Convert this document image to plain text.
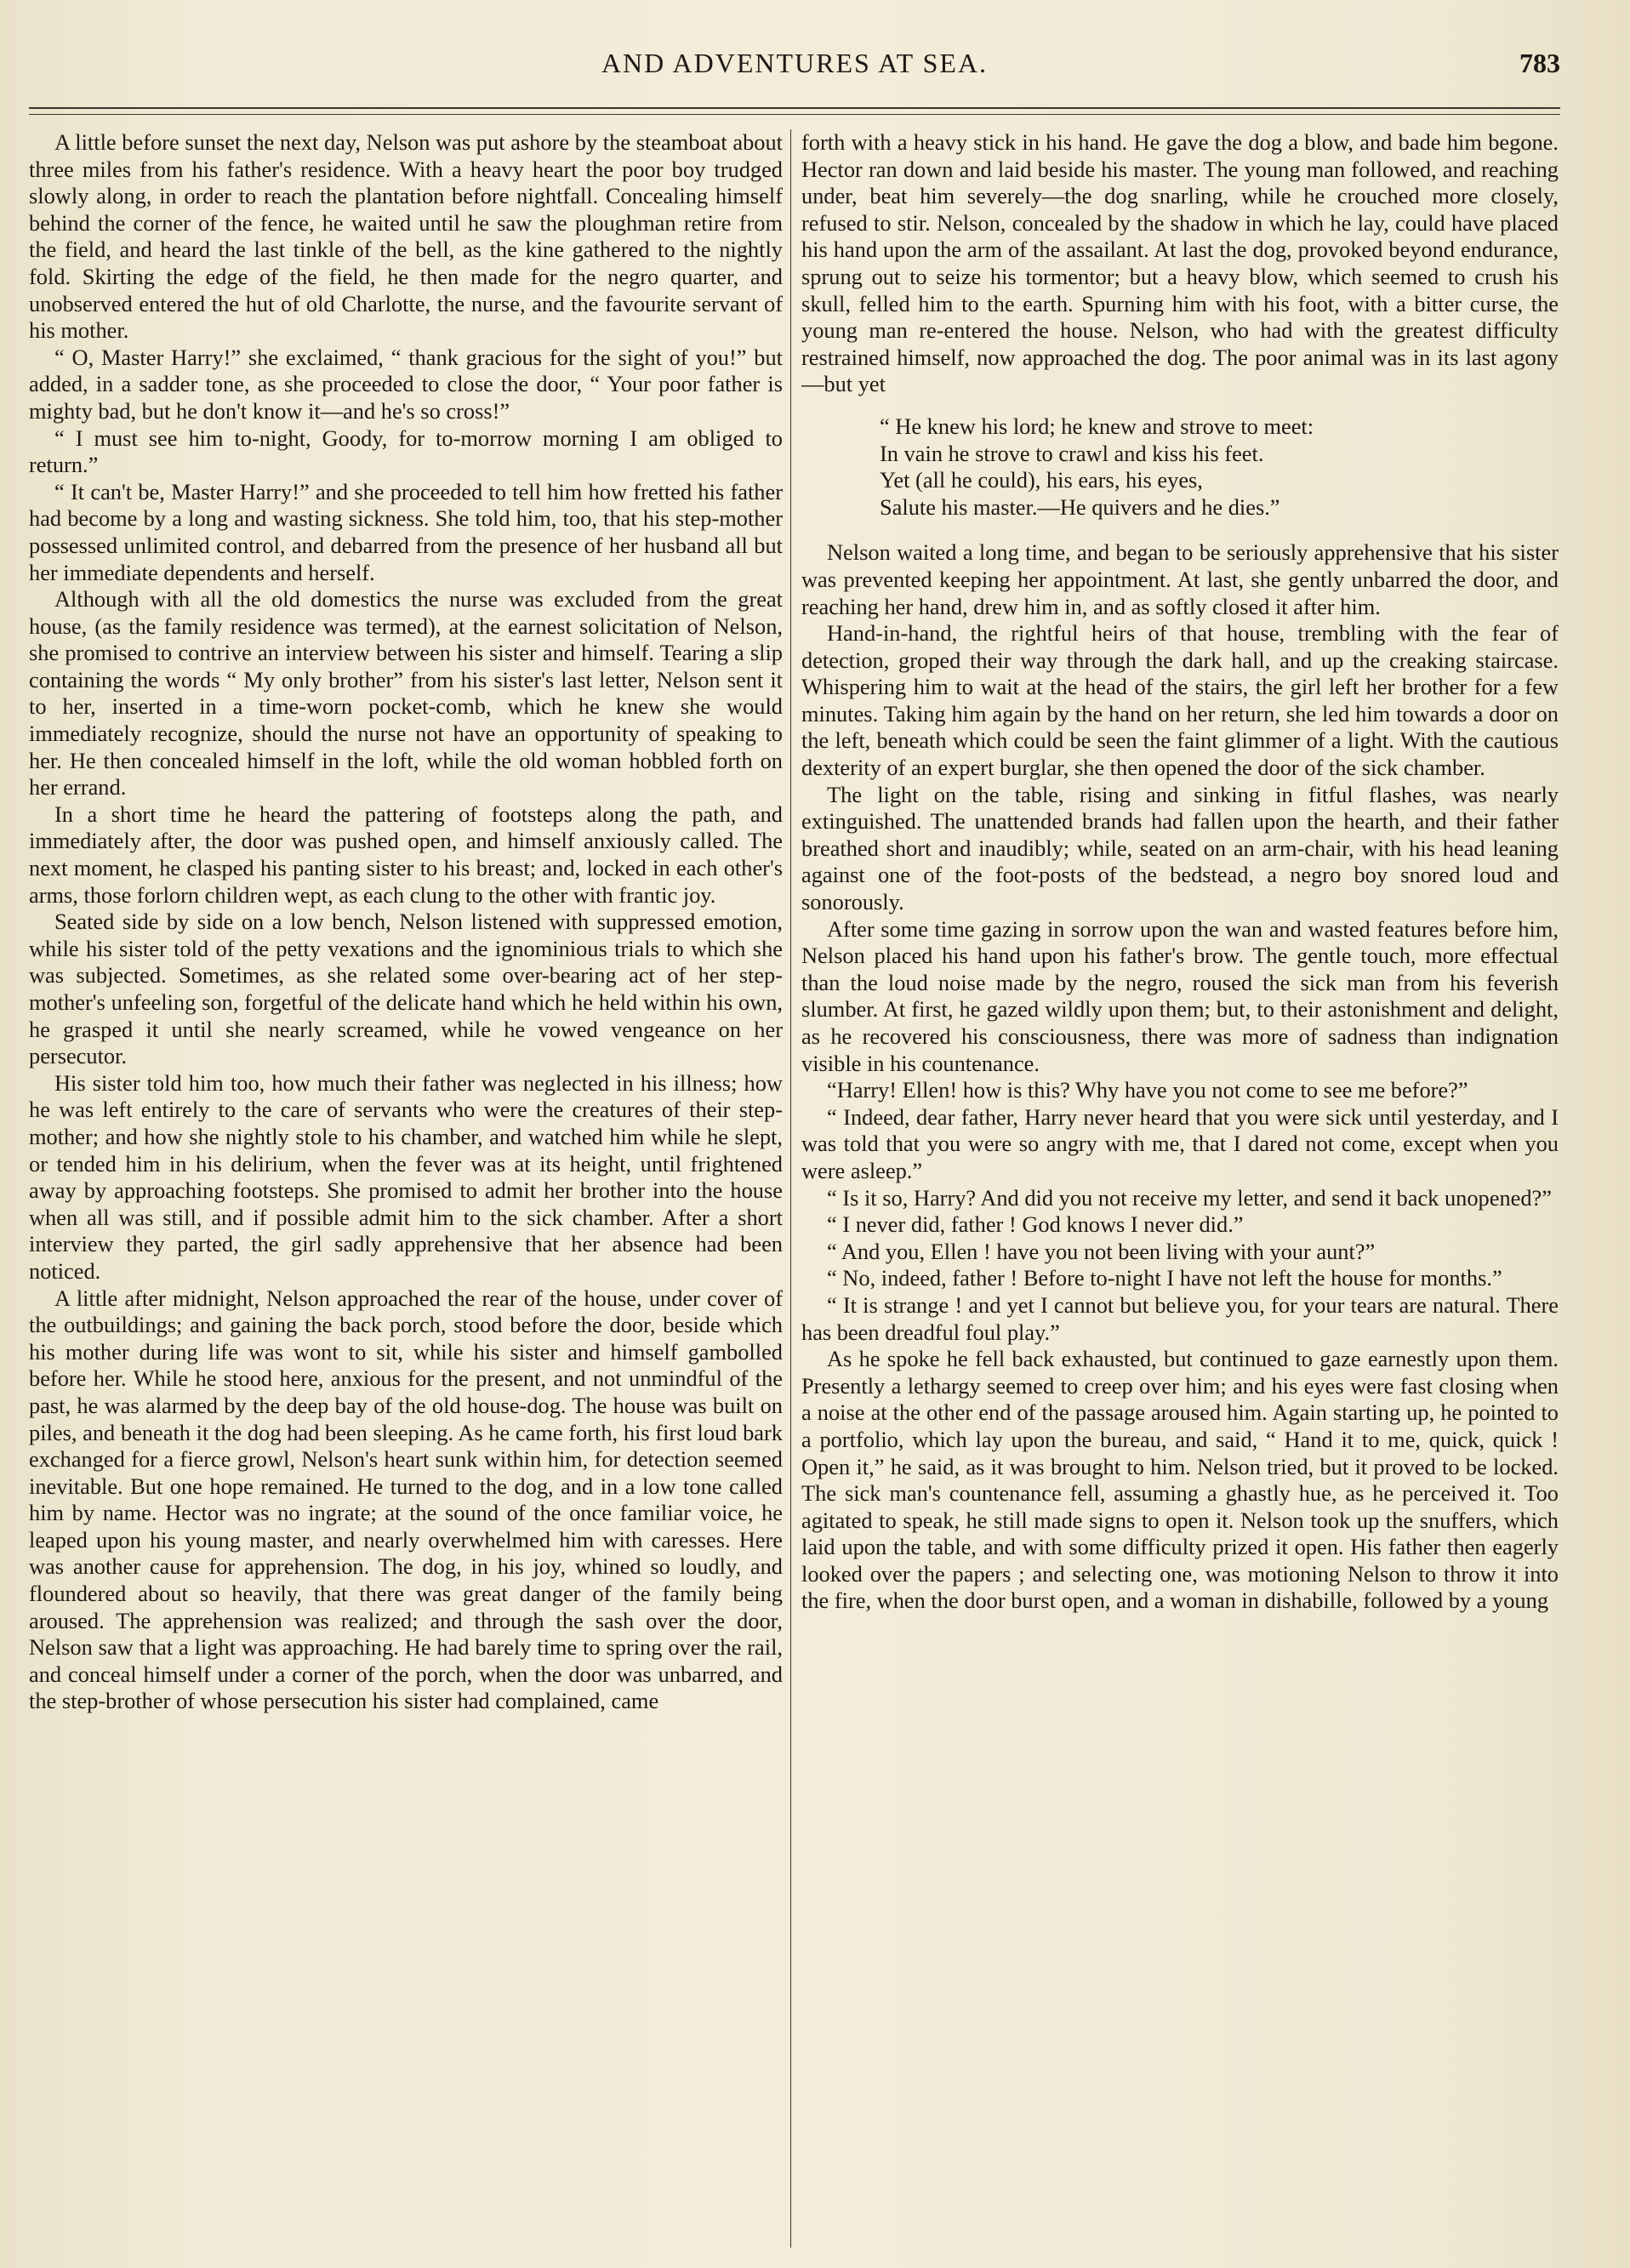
AND ADVENTURES AT SEA.	783

A little before sunset the next day, Nelson was put ashore by the steamboat about three miles from his father's residence. With a heavy heart the poor boy trudged slowly along, in order to reach the plantation before nightfall. Concealing himself behind the corner of the fence, he waited until he saw the ploughman retire from the field, and heard the last tinkle of the bell, as the kine gathered to the nightly fold. Skirting the edge of the field, he then made for the negro quarter, and unobserved entered the hut of old Charlotte, the nurse, and the favourite servant of his mother.

“ O, Master Harry!” she exclaimed, “ thank gracious for the sight of you!” but added, in a sadder tone, as she proceeded to close the door, “ Your poor father is mighty bad, but he don't know it—and he's so cross!”

“ I must see him to-night, Goody, for to-morrow morning I am obliged to return.”

“ It can't be, Master Harry!” and she proceeded to tell him how fretted his father had become by a long and wasting sickness. She told him, too, that his step-mother possessed unlimited control, and debarred from the presence of her husband all but her immediate dependents and herself.

Although with all the old domestics the nurse was excluded from the great house, (as the family residence was termed), at the earnest solicitation of Nelson, she promised to contrive an interview between his sister and himself. Tearing a slip containing the words “ My only brother” from his sister's last letter, Nelson sent it to her, inserted in a time-worn pocket-comb, which he knew she would immediately recognize, should the nurse not have an opportunity of speaking to her. He then concealed himself in the loft, while the old woman hobbled forth on her errand.

In a short time he heard the pattering of footsteps along the path, and immediately after, the door was pushed open, and himself anxiously called. The next moment, he clasped his panting sister to his breast; and, locked in each other's arms, those forlorn children wept, as each clung to the other with frantic joy.

Seated side by side on a low bench, Nelson listened with suppressed emotion, while his sister told of the petty vexations and the ignominious trials to which she was subjected. Sometimes, as she related some over-bearing act of her step-mother's unfeeling son, forgetful of the delicate hand which he held within his own, he grasped it until she nearly screamed, while he vowed vengeance on her persecutor.

His sister told him too, how much their father was neglected in his illness; how he was left entirely to the care of servants who were the creatures of their step-mother; and how she nightly stole to his chamber, and watched him while he slept, or tended him in his delirium, when the fever was at its height, until frightened away by approaching footsteps. She promised to admit her brother into the house when all was still, and if possible admit him to the sick chamber. After a short interview they parted, the girl sadly apprehensive that her absence had been noticed.

A little after midnight, Nelson approached the rear of the house, under cover of the outbuildings; and gaining the back porch, stood before the door, beside which his mother during life was wont to sit, while his sister and himself gambolled before her. While he stood here, anxious for the present, and not unmindful of the past, he was alarmed by the deep bay of the old house-dog. The house was built on piles, and beneath it the dog had been sleeping. As he came forth, his first loud bark exchanged for a fierce growl, Nelson's heart sunk within him, for detection seemed inevitable. But one hope remained. He turned to the dog, and in a low tone called him by name. Hector was no ingrate; at the sound of the once familiar voice, he leaped upon his young master, and nearly overwhelmed him with caresses. Here was another cause for apprehension. The dog, in his joy, whined so loudly, and floundered about so heavily, that there was great danger of the family being aroused. The apprehension was realized; and through the sash over the door, Nelson saw that a light was approaching. He had barely time to spring over the rail, and conceal himself under a corner of the porch, when the door was unbarred, and the step-brother of whose persecution his sister had complained, came

forth with a heavy stick in his hand. He gave the dog a blow, and bade him begone. Hector ran down and laid beside his master. The young man followed, and reaching under, beat him severely—the dog snarling, while he crouched more closely, refused to stir. Nelson, concealed by the shadow in which he lay, could have placed his hand upon the arm of the assailant. At last the dog, provoked beyond endurance, sprung out to seize his tormentor; but a heavy blow, which seemed to crush his skull, felled him to the earth. Spurning him with his foot, with a bitter curse, the young man re-entered the house. Nelson, who had with the greatest difficulty restrained himself, now approached the dog. The poor animal was in its last agony—but yet

“ He knew his lord; he knew and strove to meet:
In vain he strove to crawl and kiss his feet.
Yet (all he could), his ears, his eyes,
Salute his master.—He quivers and he dies.”

Nelson waited a long time, and began to be seriously apprehensive that his sister was prevented keeping her appointment. At last, she gently unbarred the door, and reaching her hand, drew him in, and as softly closed it after him.

Hand-in-hand, the rightful heirs of that house, trembling with the fear of detection, groped their way through the dark hall, and up the creaking staircase. Whispering him to wait at the head of the stairs, the girl left her brother for a few minutes. Taking him again by the hand on her return, she led him towards a door on the left, beneath which could be seen the faint glimmer of a light. With the cautious dexterity of an expert burglar, she then opened the door of the sick chamber.

The light on the table, rising and sinking in fitful flashes, was nearly extinguished. The unattended brands had fallen upon the hearth, and their father breathed short and inaudibly; while, seated on an arm-chair, with his head leaning against one of the foot-posts of the bedstead, a negro boy snored loud and sonorously.

After some time gazing in sorrow upon the wan and wasted features before him, Nelson placed his hand upon his father's brow. The gentle touch, more effectual than the loud noise made by the negro, roused the sick man from his feverish slumber. At first, he gazed wildly upon them; but, to their astonishment and delight, as he recovered his consciousness, there was more of sadness than indignation visible in his countenance.

“Harry! Ellen! how is this? Why have you not come to see me before?”

“ Indeed, dear father, Harry never heard that you were sick until yesterday, and I was told that you were so angry with me, that I dared not come, except when you were asleep.”

“ Is it so, Harry? And did you not receive my letter, and send it back unopened?”

“ I never did, father ! God knows I never did.”

“ And you, Ellen ! have you not been living with your aunt?”

“ No, indeed, father ! Before to-night I have not left the house for months.”

“ It is strange ! and yet I cannot but believe you, for your tears are natural. There has been dreadful foul play.”

As he spoke he fell back exhausted, but continued to gaze earnestly upon them. Presently a lethargy seemed to creep over him; and his eyes were fast closing when a noise at the other end of the passage aroused him. Again starting up, he pointed to a portfolio, which lay upon the bureau, and said, “ Hand it to me, quick, quick ! Open it,” he said, as it was brought to him. Nelson tried, but it proved to be locked. The sick man's countenance fell, assuming a ghastly hue, as he perceived it. Too agitated to speak, he still made signs to open it. Nelson took up the snuffers, which laid upon the table, and with some difficulty prized it open. His father then eagerly looked over the papers ; and selecting one, was motioning Nelson to throw it into the fire, when the door burst open, and a woman in dishabille, followed by a young
